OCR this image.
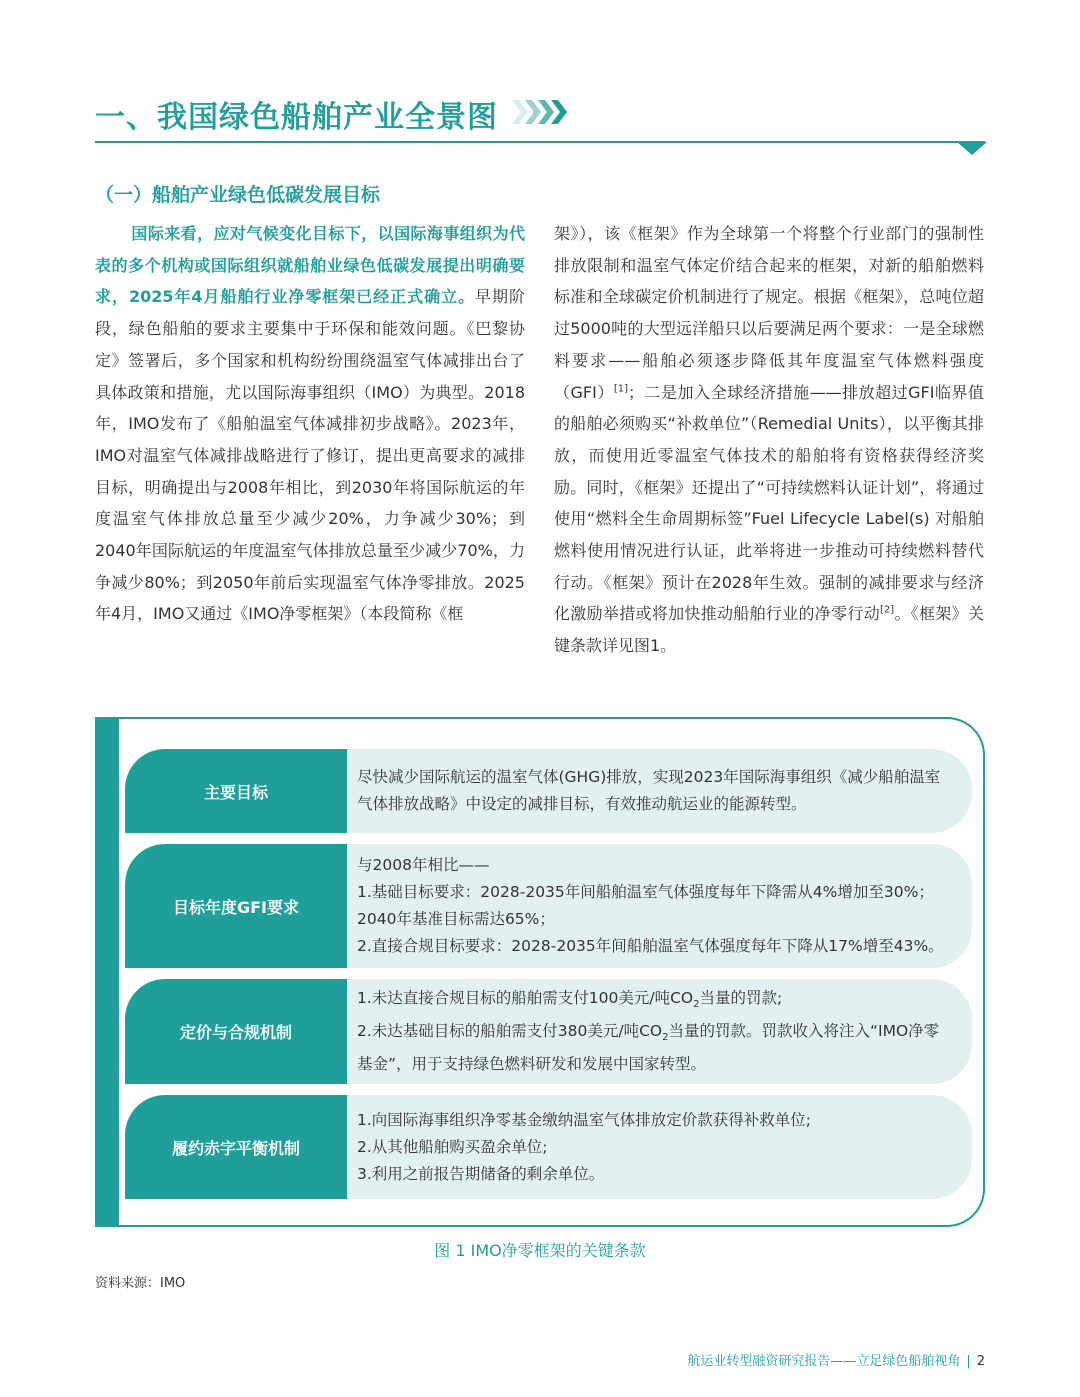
一、我国绿色船舶产业全景图
（一）船舶产业绿色低碳发展目标

国际来看，应对气候变化目标下，以国际海事组织为代表的多个机构或国际组织就船舶业绿色低碳发展提出明确要求，2025年4月船舶行业净零框架已经正式确立。早期阶段，绿色船舶的要求主要集中于环保和能效问题。《巴黎协定》签署后，多个国家和机构纷纷围绕温室气体减排出台了具体政策和措施，尤以国际海事组织（IMO）为典型。2018年，IMO发布了《船舶温室气体减排初步战略》。2023年，IMO对温室气体减排战略进行了修订，提出更高要求的减排目标，明确提出与2008年相比，到2030年将国际航运的年度温室气体排放总量至少减少20%，力争减少30%；到2040年国际航运的年度温室气体排放总量至少减少70%，力争减少80%；到2050年前后实现温室气体净零排放。2025年4月，IMO又通过《IMO净零框架》（本段简称《框

架》），该《框架》作为全球第一个将整个行业部门的强制性排放限制和温室气体定价结合起来的框架，对新的船舶燃料标准和全球碳定价机制进行了规定。根据《框架》，总吨位超过5000吨的大型远洋船只以后要满足两个要求：一是全球燃料要求——船舶必须逐步降低其年度温室气体燃料强度（GFI）[1]；二是加入全球经济措施——排放超过GFI临界值的船舶必须购买“补救单位”（Remedial Units），以平衡其排放，而使用近零温室气体技术的船舶将有资格获得经济奖励。同时，《框架》还提出了“可持续燃料认证计划”，将通过使用“燃料全生命周期标签”Fuel Lifecycle Label(s) 对船舶燃料使用情况进行认证，此举将进一步推动可持续燃料替代行动。《框架》预计在2028年生效。强制的减排要求与经济化激励举措或将加快推动船舶行业的净零行动[2]。《框架》关键条款详见图1。

主要目标
尽快减少国际航运的温室气体(GHG)排放，实现2023年国际海事组织《减少船舶温室气体排放战略》中设定的减排目标，有效推动航运业的能源转型。
目标年度GFI要求
与2008年相比——
1.基础目标要求：2028-2035年间船舶温室气体强度每年下降需从4%增加至30%；2040年基准目标需达65%；
2.直接合规目标要求：2028-2035年间船舶温室气体强度每年下降从17%增至43%。
定价与合规机制
1.未达直接合规目标的船舶需支付100美元/吨$CO_2$当量的罚款;
2.未达基础目标的船舶需支付380美元/吨$CO_2$当量的罚款。罚款收入将注入“IMO净零基金”，用于支持绿色燃料研发和发展中国家转型。
履约赤字平衡机制
1.向国际海事组织净零基金缴纳温室气体排放定价款获得补救单位;
2.从其他船舶购买盈余单位;
3.利用之前报告期储备的剩余单位。
图 1 IMO净零框架的关键条款
资料来源：IMO
航运业转型融资研究报告——立足绿色船舶视角 | 2
